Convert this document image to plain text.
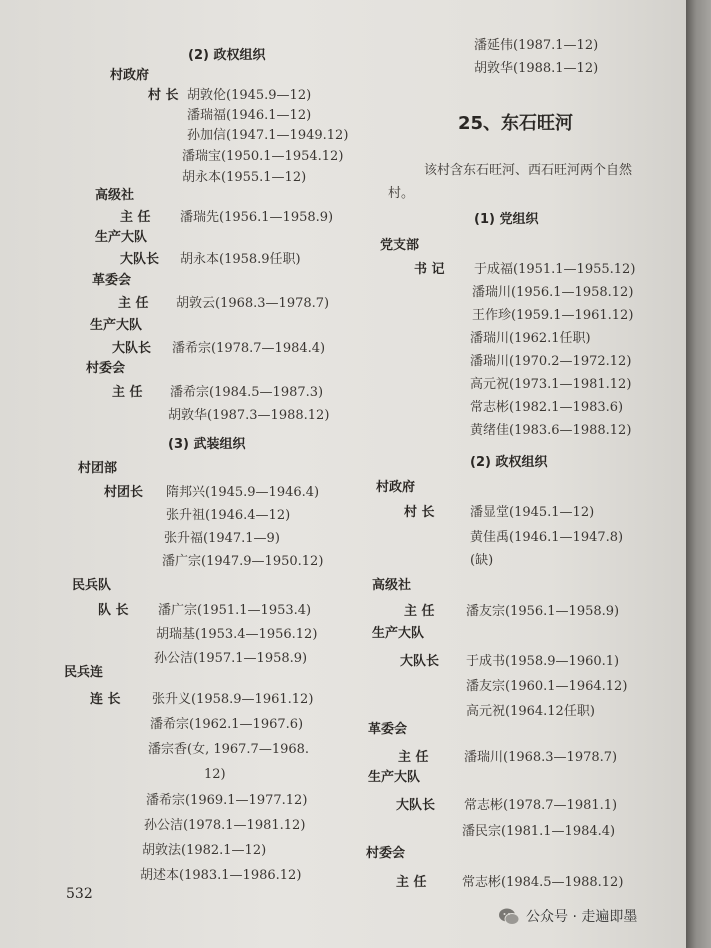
(2) 政权组织
村政府
村 长 胡敦伦(1945.9—12)
潘瑞福(1946.1—12)
孙加信(1947.1—1949.12)
潘瑞宝(1950.1—1954.12)
胡永本(1955.1—12)
高级社
主 任 潘瑞先(1956.1—1958.9)
生产大队
大队长 胡永本(1958.9任职)
革委会
主 任 胡敦云(1968.3—1978.7)
生产大队
大队长 潘希宗(1978.7—1984.4)
村委会
主 任 潘希宗(1984.5—1987.3)
胡敦华(1987.3—1988.12)
(3) 武装组织
村团部
村团长 隋邦兴(1945.9—1946.4)
张升祖(1946.4—12)
张升福(1947.1—9)
潘广宗(1947.9—1950.12)
民兵队
队 长 潘广宗(1951.1—1953.4)
胡瑞基(1953.4—1956.12)
孙公洁(1957.1—1958.9)
民兵连
连 长 张升义(1958.9—1961.12)
潘希宗(1962.1—1967.6)
潘宗香(女, 1967.7—1968.
12)
潘希宗(1969.1—1977.12)
孙公洁(1978.1—1981.12)
胡敦法(1982.1—12)
胡述本(1983.1—1986.12)
532
潘延伟(1987.1—12)
胡敦华(1988.1—12)
25、东石旺河
该村含东石旺河、西石旺河两个自然
村。
(1) 党组织
党支部
书 记 于成福(1951.1—1955.12)
潘瑞川(1956.1—1958.12)
王作珍(1959.1—1961.12)
潘瑞川(1962.1任职)
潘瑞川(1970.2—1972.12)
高元祝(1973.1—1981.12)
常志彬(1982.1—1983.6)
黄绪佳(1983.6—1988.12)
(2) 政权组织
村政府
村 长	潘显堂(1945.1—12)
黄佳禹(1946.1—1947.8)
(缺)
高级社
主 任 潘友宗(1956.1—1958.9)
生产大队
大队长 于成书(1958.9—1960.1)
潘友宗(1960.1—1964.12)
高元祝(1964.12任职)
革委会
主 任	潘瑞川(1968.3—1978.7)
生产大队
大队长 常志彬(1978.7—1981.1)
潘民宗(1981.1—1984.4)
村委会
主 任	常志彬(1984.5—1988.12)
公众号 · 走遍即墨
